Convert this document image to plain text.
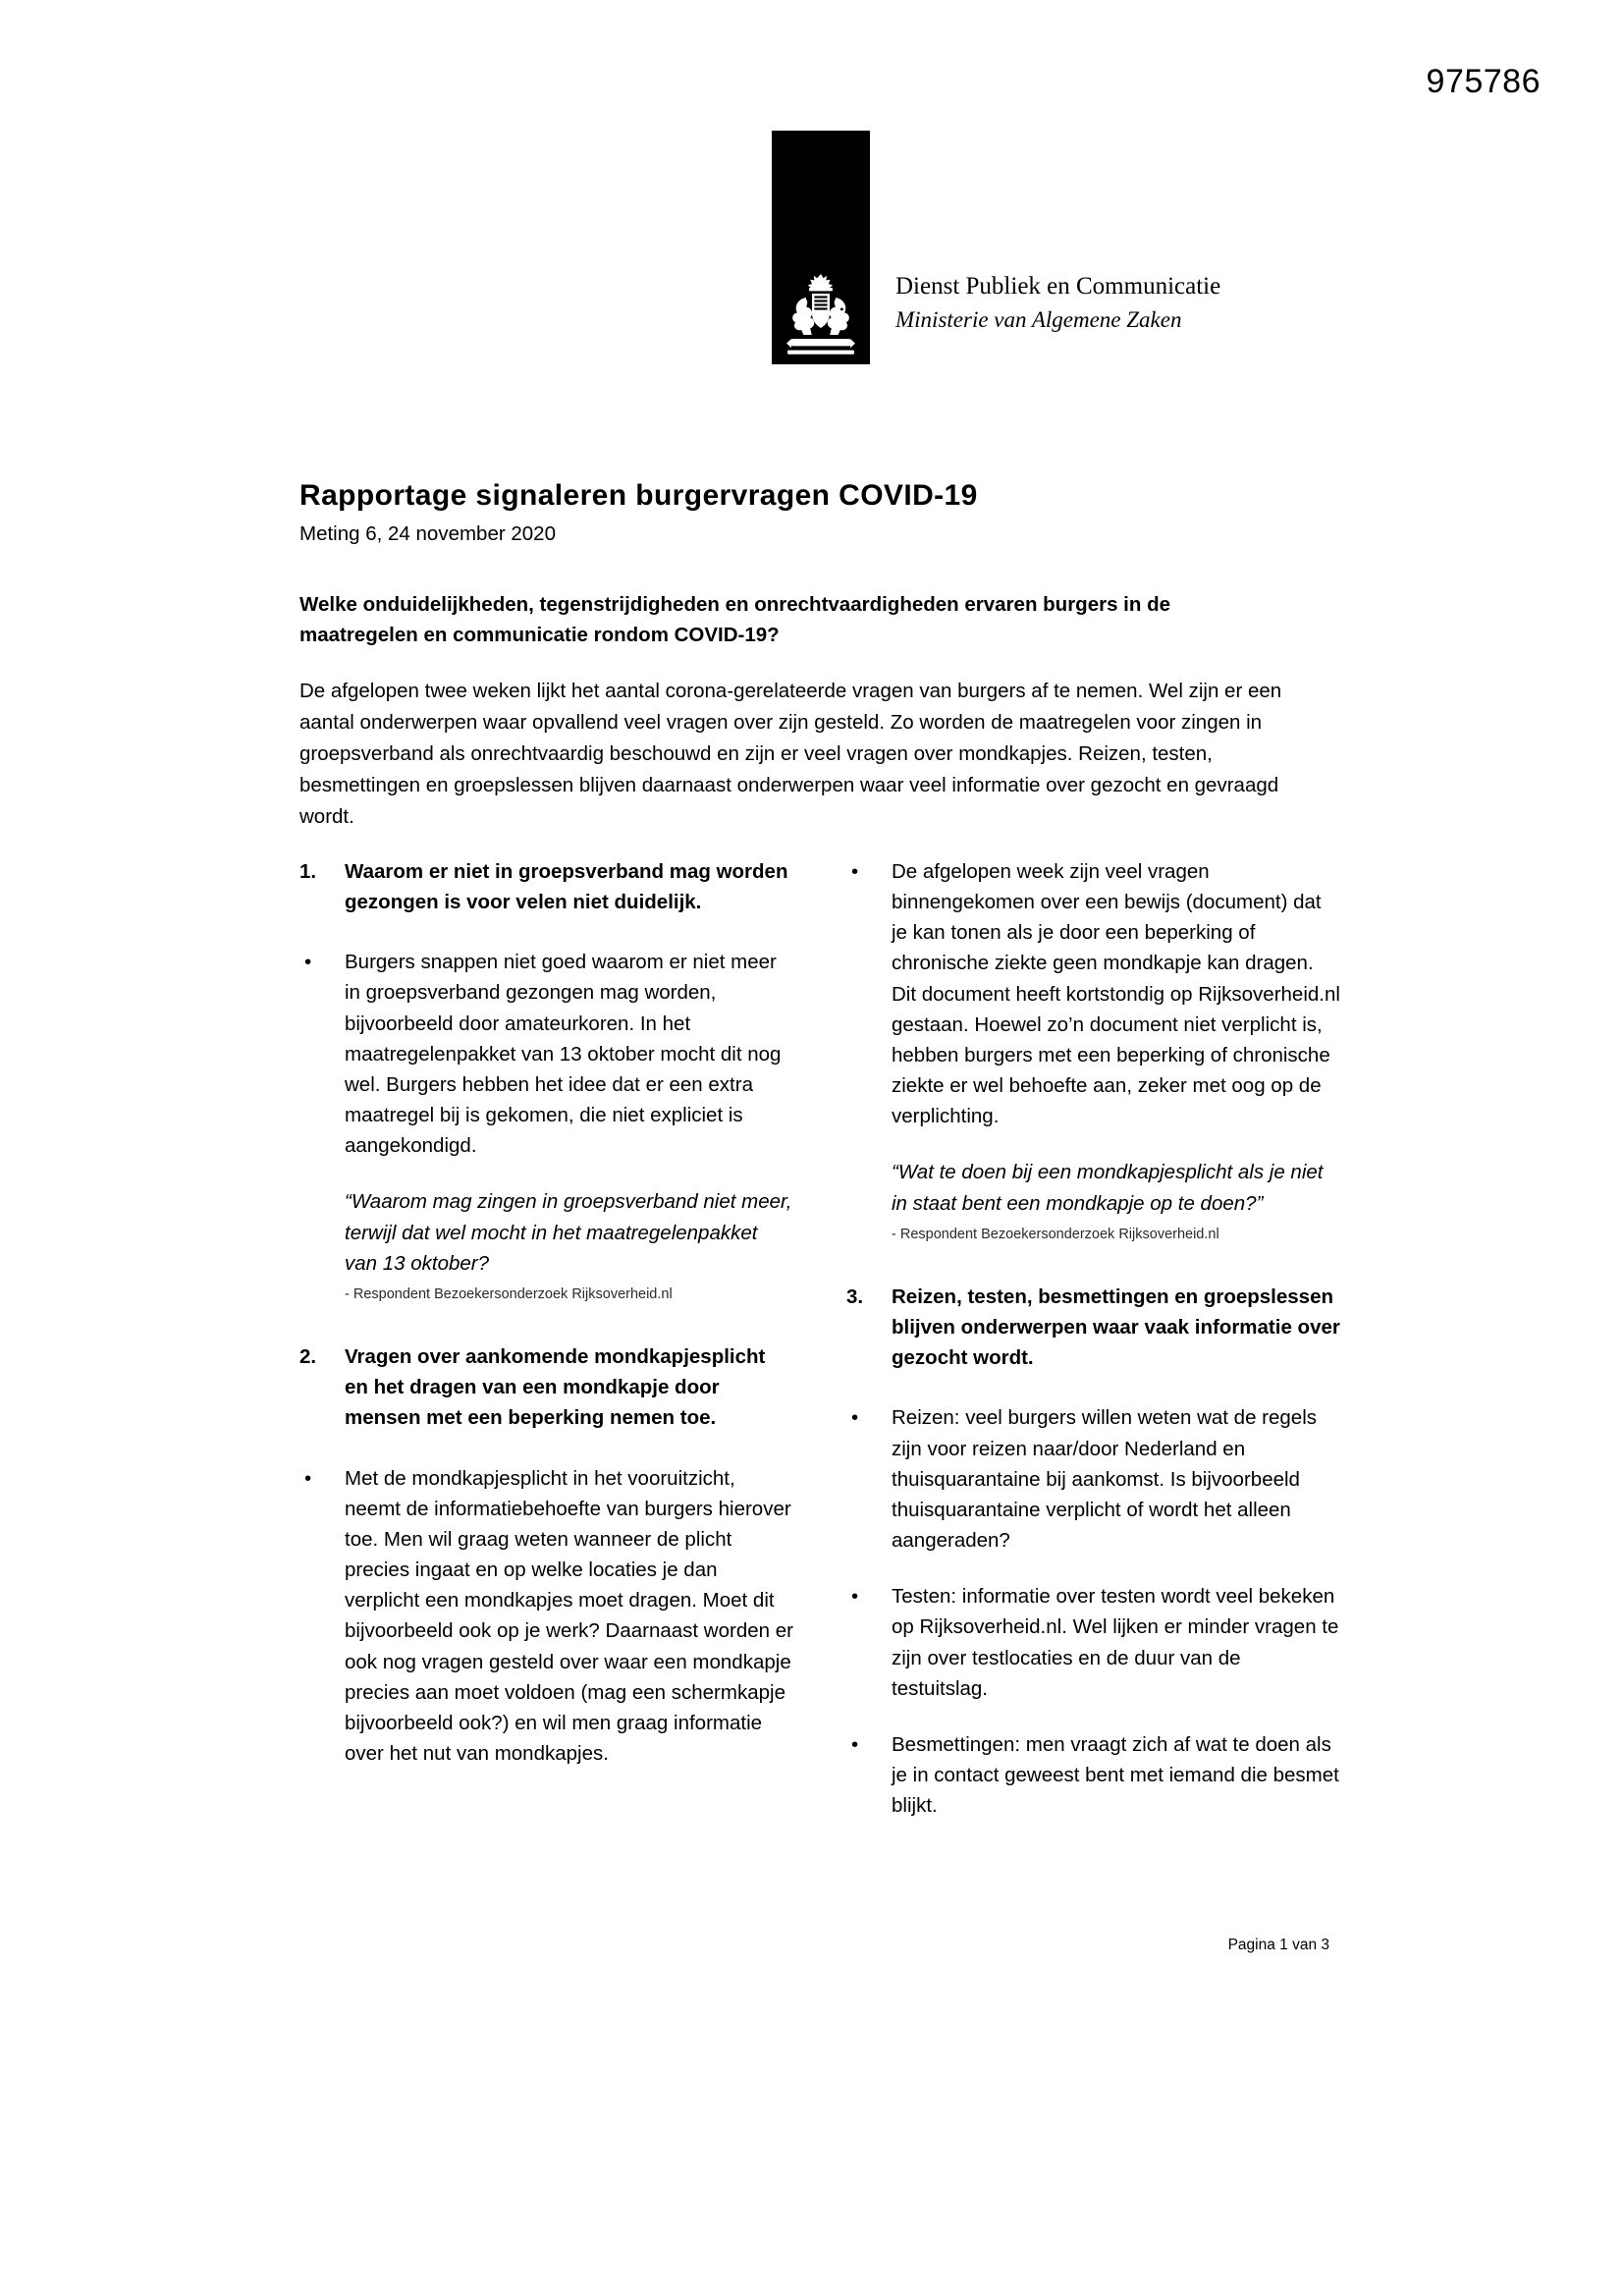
975786
Dienst Publiek en Communicatie
Ministerie van Algemene Zaken
Rapportage signaleren burgervragen COVID-19
Meting 6, 24 november 2020
Welke onduidelijkheden, tegenstrijdigheden en onrechtvaardigheden ervaren burgers in de maatregelen en communicatie rondom COVID-19?

De afgelopen twee weken lijkt het aantal corona-gerelateerde vragen van burgers af te nemen. Wel zijn er een aantal onderwerpen waar opvallend veel vragen over zijn gesteld. Zo worden de maatregelen voor zingen in groepsverband als onrechtvaardig beschouwd en zijn er veel vragen over mondkapjes. Reizen, testen, besmettingen en groepslessen blijven daarnaast onderwerpen waar veel informatie over gezocht en gevraagd wordt.

1.	Waarom er niet in groepsverband mag worden gezongen is voor velen niet duidelijk.
•	Burgers snappen niet goed waarom er niet meer in groepsverband gezongen mag worden, bijvoorbeeld door amateurkoren. In het maatregelenpakket van 13 oktober mocht dit nog wel. Burgers hebben het idee dat er een extra maatregel bij is gekomen, die niet expliciet is aangekondigd.

“Waarom mag zingen in groepsverband niet meer, terwijl dat wel mocht in het maatregelenpakket van 13 oktober?

- Respondent Bezoekersonderzoek Rijksoverheid.nl

2.	Vragen over aankomende mondkapjesplicht en het dragen van een mondkapje door mensen met een beperking nemen toe.
•	Met de mondkapjesplicht in het vooruitzicht, neemt de informatiebehoefte van burgers hierover toe. Men wil graag weten wanneer de plicht precies ingaat en op welke locaties je dan verplicht een mondkapjes moet dragen. Moet dit bijvoorbeeld ook op je werk? Daarnaast worden er ook nog vragen gesteld over waar een mondkapje precies aan moet voldoen (mag een schermkapje bijvoorbeeld ook?) en wil men graag informatie over het nut van mondkapjes.
•	De afgelopen week zijn veel vragen binnengekomen over een bewijs (document) dat je kan tonen als je door een beperking of chronische ziekte geen mondkapje kan dragen. Dit document heeft kortstondig op Rijksoverheid.nl gestaan. Hoewel zo’n document niet verplicht is, hebben burgers met een beperking of chronische ziekte er wel behoefte aan, zeker met oog op de verplichting.

“Wat te doen bij een mondkapjesplicht als je niet in staat bent een mondkapje op te doen?”

- Respondent Bezoekersonderzoek Rijksoverheid.nl

3.	Reizen, testen, besmettingen en groepslessen blijven onderwerpen waar vaak informatie over gezocht wordt.
•	Reizen: veel burgers willen weten wat de regels zijn voor reizen naar/door Nederland en thuisquarantaine bij aankomst. Is bijvoorbeeld thuisquarantaine verplicht of wordt het alleen aangeraden?
•	Testen: informatie over testen wordt veel bekeken op Rijksoverheid.nl. Wel lijken er minder vragen te zijn over testlocaties en de duur van de testuitslag.
•	Besmettingen: men vraagt zich af wat te doen als je in contact geweest bent met iemand die besmet blijkt.
Pagina 1 van 3
